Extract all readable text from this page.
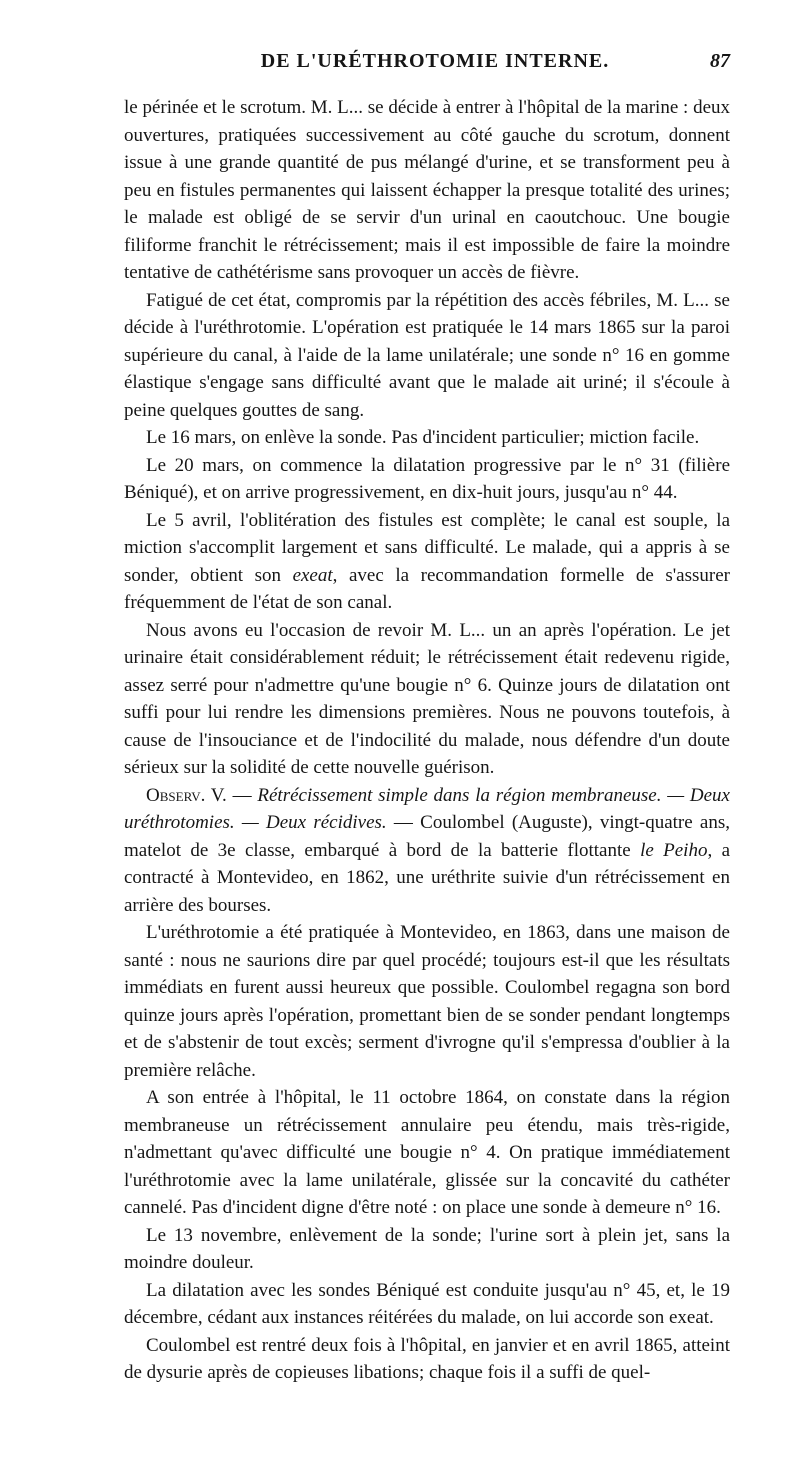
DE L'URÉTHROTOMIE INTERNE.	87

le périnée et le scrotum. M. L... se décide à entrer à l'hôpital de la marine : deux ouvertures, pratiquées successivement au côté gauche du scrotum, donnent issue à une grande quantité de pus mélangé d'urine, et se transforment peu à peu en fistules permanentes qui laissent échapper la presque totalité des urines; le malade est obligé de se servir d'un urinal en caoutchouc. Une bougie filiforme franchit le rétrécissement; mais il est impossible de faire la moindre tentative de cathétérisme sans provoquer un accès de fièvre.

Fatigué de cet état, compromis par la répétition des accès fébriles, M. L... se décide à l'uréthrotomie. L'opération est pratiquée le 14 mars 1865 sur la paroi supérieure du canal, à l'aide de la lame unilatérale; une sonde n° 16 en gomme élastique s'engage sans difficulté avant que le malade ait uriné; il s'écoule à peine quelques gouttes de sang.

Le 16 mars, on enlève la sonde. Pas d'incident particulier; miction facile.

Le 20 mars, on commence la dilatation progressive par le n° 31 (filière Béniqué), et on arrive progressivement, en dix-huit jours, jusqu'au n° 44.

Le 5 avril, l'oblitération des fistules est complète; le canal est souple, la miction s'accomplit largement et sans difficulté. Le malade, qui a appris à se sonder, obtient son exeat, avec la recommandation formelle de s'assurer fréquemment de l'état de son canal.

Nous avons eu l'occasion de revoir M. L... un an après l'opération. Le jet urinaire était considérablement réduit; le rétrécissement était redevenu rigide, assez serré pour n'admettre qu'une bougie n° 6. Quinze jours de dilatation ont suffi pour lui rendre les dimensions premières. Nous ne pouvons toutefois, à cause de l'insouciance et de l'indocilité du malade, nous défendre d'un doute sérieux sur la solidité de cette nouvelle guérison.

Observ. V. — Rétrécissement simple dans la région membraneuse. — Deux uréthrotomies. — Deux récidives. — Coulombel (Auguste), vingt-quatre ans, matelot de 3e classe, embarqué à bord de la batterie flottante le Peiho, a contracté à Montevideo, en 1862, une uréthrite suivie d'un rétrécissement en arrière des bourses.

L'uréthrotomie a été pratiquée à Montevideo, en 1863, dans une maison de santé : nous ne saurions dire par quel procédé; toujours est-il que les résultats immédiats en furent aussi heureux que possible. Coulombel regagna son bord quinze jours après l'opération, promettant bien de se sonder pendant longtemps et de s'abstenir de tout excès; serment d'ivrogne qu'il s'empressa d'oublier à la première relâche.

A son entrée à l'hôpital, le 11 octobre 1864, on constate dans la région membraneuse un rétrécissement annulaire peu étendu, mais très-rigide, n'admettant qu'avec difficulté une bougie n° 4. On pratique immédiatement l'uréthrotomie avec la lame unilatérale, glissée sur la concavité du cathéter cannelé. Pas d'incident digne d'être noté : on place une sonde à demeure n° 16.

Le 13 novembre, enlèvement de la sonde; l'urine sort à plein jet, sans la moindre douleur.

La dilatation avec les sondes Béniqué est conduite jusqu'au n° 45, et, le 19 décembre, cédant aux instances réitérées du malade, on lui accorde son exeat.

Coulombel est rentré deux fois à l'hôpital, en janvier et en avril 1865, atteint de dysurie après de copieuses libations; chaque fois il a suffi de quel-
